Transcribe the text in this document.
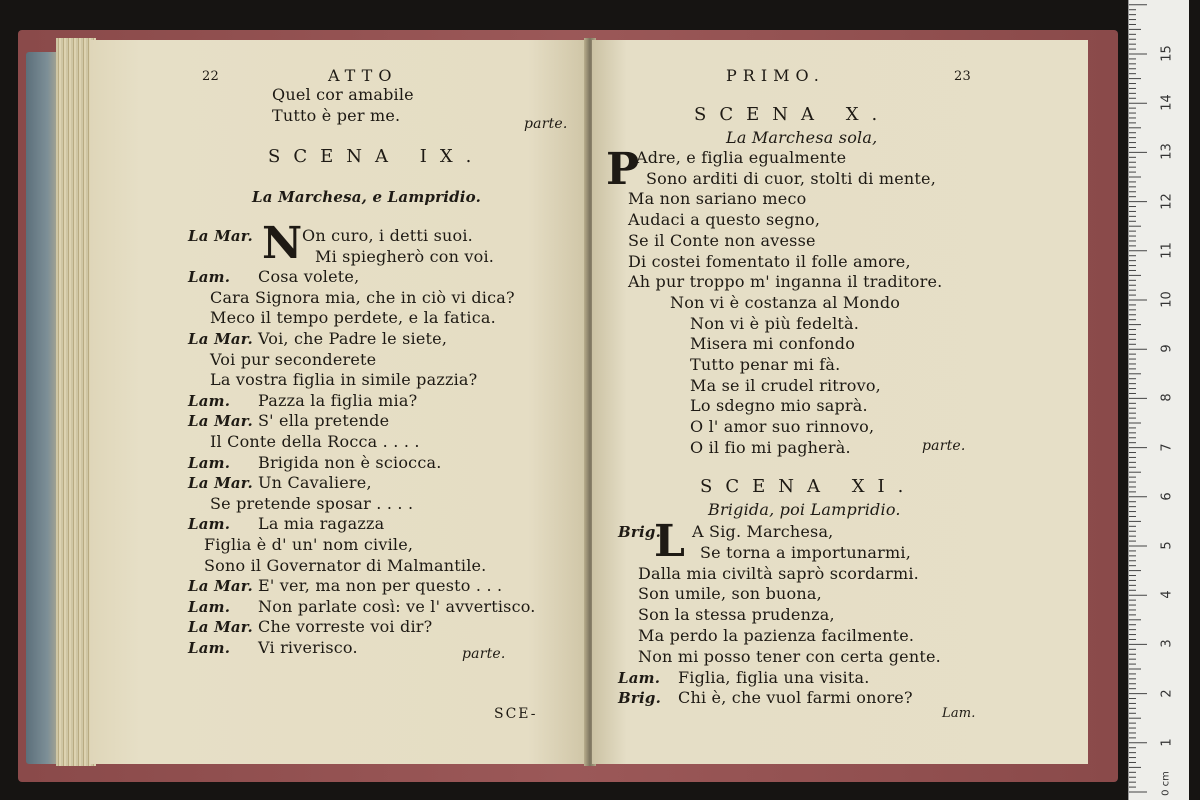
22	ATTO
Quel cor amabile
Tutto è per me.	parte.
SCENA IX.
La Marchesa, e Lampridio.
La Mar. N On curo, i detti suoi.
Mi spiegherò con voi.
Lam. Cosa volete,
Cara Signora mia, che in ciò vi dica?
Meco il tempo perdete, e la fatica.
La Mar. Voi, che Padre le siete,
Voi pur seconderete
La vostra figlia in simile pazzia?
Lam. Pazza la figlia mia?
La Mar. S' ella pretende
Il Conte della Rocca . . . .
Lam. Brigida non è sciocca.
La Mar. Un Cavaliere,
Se pretende sposar . . . .
Lam. La mia ragazza
Figlia è d' un' nom civile,
Sono il Governator di Malmantile.
La Mar. E' ver, ma non per questo . . .
Lam. Non parlate così: ve l' avvertisco.
La Mar. Che vorreste voi dir?
Lam. Vi riverisco.	parte.
SCE-
PRIMO.	23
SCENA X.
La Marchesa sola,
P
Adre, e figlia egualmente
Sono arditi di cuor, stolti di mente,
Ma non sariano meco
Audaci a questo segno,
Se il Conte non avesse
Di costei fomentato il folle amore,
Ah pur troppo m' inganna il traditore.
Non vi è costanza al Mondo
Non vi è più fedeltà.
Misera mi confondo
Tutto penar mi fà.
Ma se il crudel ritrovo,
Lo sdegno mio saprà.
O l' amor suo rinnovo,
O il fio mi pagherà.	parte.
SCENA XI.
Brigida, poi Lampridio.
Brig.
L A Sig. Marchesa,
Se torna a importunarmi,
Dalla mia civiltà saprò scordarmi.
Son umile, son buona,
Son la stessa prudenza,
Ma perdo la pazienza facilmente.
Non mi posso tener con certa gente.
Lam. Figlia, figlia una visita.
Brig. Chi è, che vuol farmi onore?
Lam.
0 cm
1
2
3
4
5
6
7
8
9
10
11
12
13
14
15
